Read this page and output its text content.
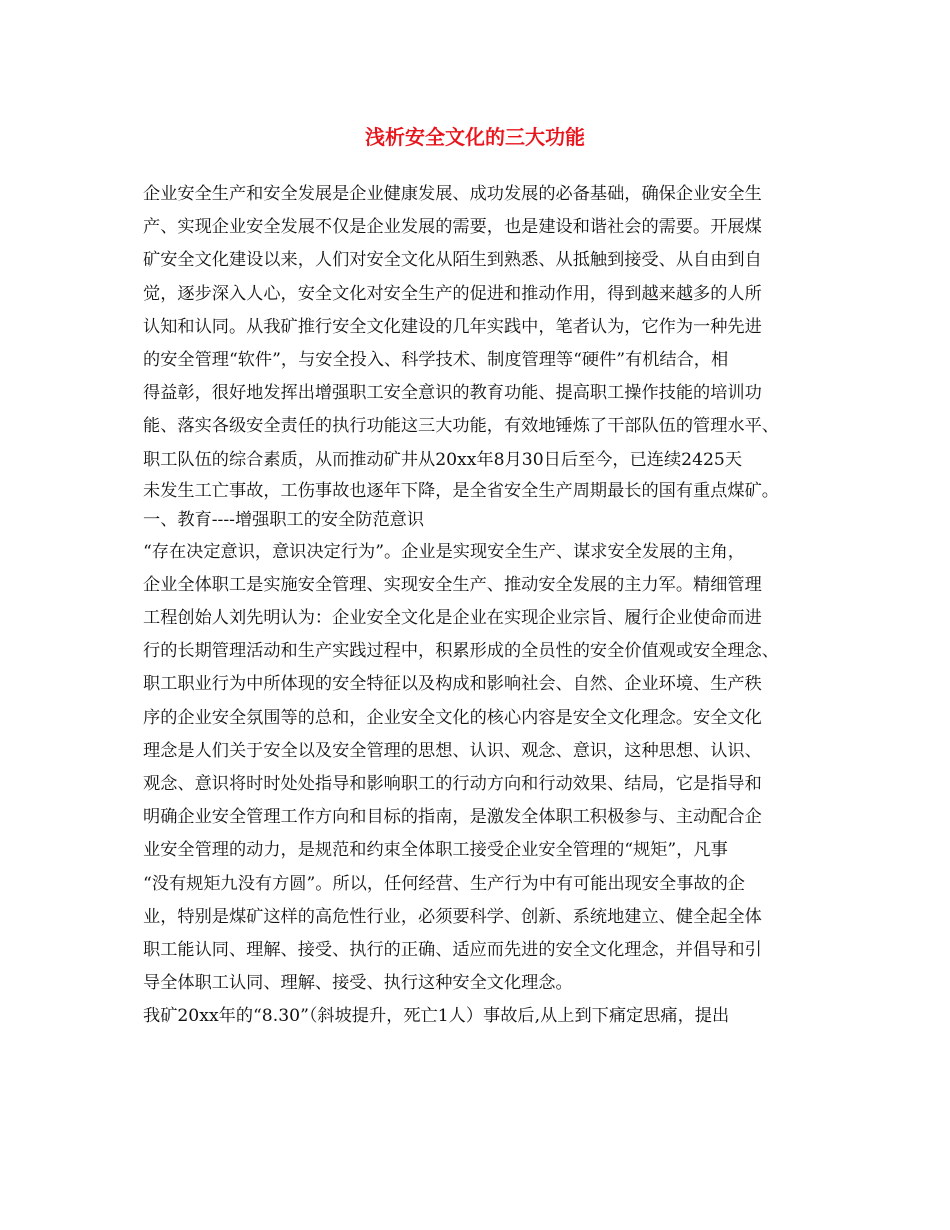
浅析安全文化的三大功能
企业安全生产和安全发展是企业健康发展、成功发展的必备基础，确保企业安全生
产、实现企业安全发展不仅是企业发展的需要，也是建设和谐社会的需要。开展煤
矿安全文化建设以来，人们对安全文化从陌生到熟悉、从抵触到接受、从自由到自
觉，逐步深入人心，安全文化对安全生产的促进和推动作用，得到越来越多的人所
认知和认同。从我矿推行安全文化建设的几年实践中，笔者认为，它作为一种先进
的安全管理“软件”，与安全投入、科学技术、制度管理等“硬件”有机结合，相
得益彰，很好地发挥出增强职工安全意识的教育功能、提高职工操作技能的培训功
能、落实各级安全责任的执行功能这三大功能，有效地锤炼了干部队伍的管理水平、
职工队伍的综合素质，从而推动矿井从20xx年8月30日后至今，已连续2425天
未发生工亡事故，工伤事故也逐年下降，是全省安全生产周期最长的国有重点煤矿。
一、教育----增强职工的安全防范意识
“存在决定意识，意识决定行为”。企业是实现安全生产、谋求安全发展的主角，
企业全体职工是实施安全管理、实现安全生产、推动安全发展的主力军。精细管理
工程创始人刘先明认为：企业安全文化是企业在实现企业宗旨、履行企业使命而进
行的长期管理活动和生产实践过程中，积累形成的全员性的安全价值观或安全理念、
职工职业行为中所体现的安全特征以及构成和影响社会、自然、企业环境、生产秩
序的企业安全氛围等的总和，企业安全文化的核心内容是安全文化理念。安全文化
理念是人们关于安全以及安全管理的思想、认识、观念、意识，这种思想、认识、
观念、意识将时时处处指导和影响职工的行动方向和行动效果、结局，它是指导和
明确企业安全管理工作方向和目标的指南，是激发全体职工积极参与、主动配合企
业安全管理的动力，是规范和约束全体职工接受企业安全管理的“规矩”，凡事
“没有规矩九没有方圆”。所以，任何经营、生产行为中有可能出现安全事故的企
业，特别是煤矿这样的高危性行业，必须要科学、创新、系统地建立、健全起全体
职工能认同、理解、接受、执行的正确、适应而先进的安全文化理念，并倡导和引
导全体职工认同、理解、接受、执行这种安全文化理念。
我矿20xx年的“8.30”（斜坡提升，死亡1人）事故后,从上到下痛定思痛，提出
